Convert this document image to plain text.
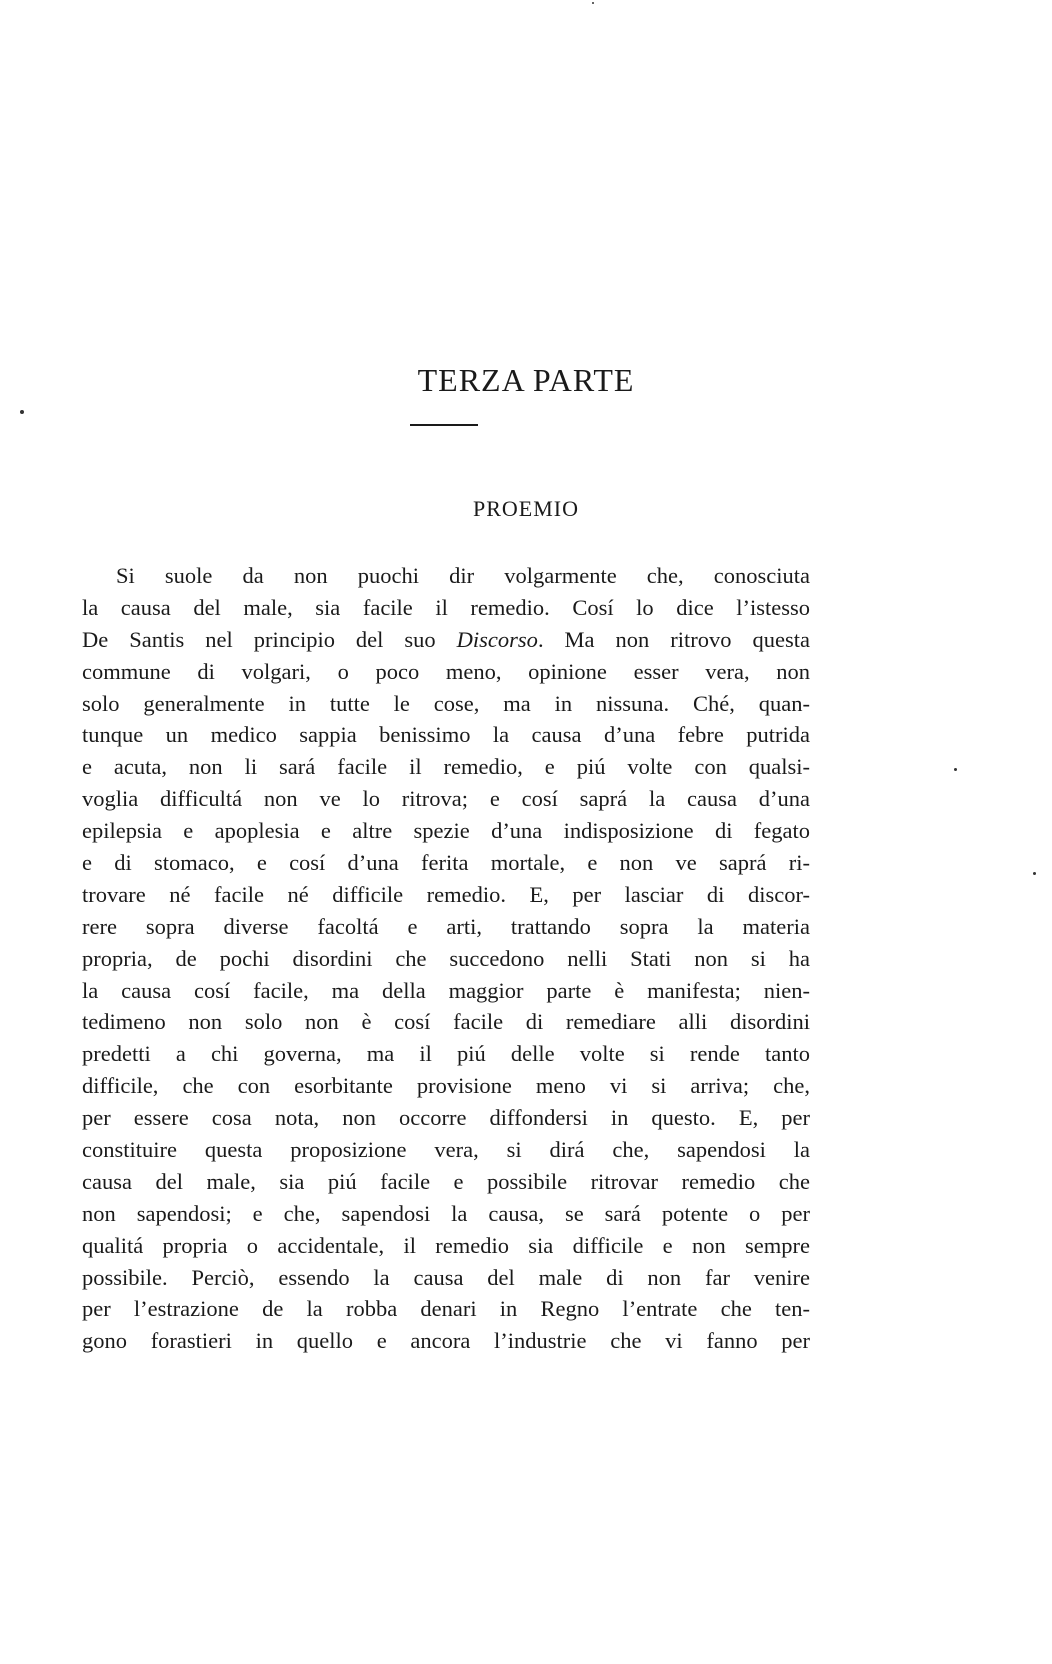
TERZA PARTE
PROEMIO
Si suole da non puochi dir volgarmente che, conosciuta
la causa del male, sia facile il remedio. Cosí lo dice l’istesso
De Santis nel principio del suo Discorso. Ma non ritrovo questa
commune di volgari, o poco meno, opinione esser vera, non
solo generalmente in tutte le cose, ma in nissuna. Ché, quan-
tunque un medico sappia benissimo la causa d’una febre putrida
e acuta, non li sará facile il remedio, e piú volte con qualsi-
voglia difficultá non ve lo ritrova; e cosí saprá la causa d’una
epilepsia e apoplesia e altre spezie d’una indisposizione di fegato
e di stomaco, e cosí d’una ferita mortale, e non ve saprá ri-
trovare né facile né difficile remedio. E, per lasciar di discor-
rere sopra diverse facoltá e arti, trattando sopra la materia
propria, de pochi disordini che succedono nelli Stati non si ha
la causa cosí facile, ma della maggior parte è manifesta; nien-
tedimeno non solo non è cosí facile di remediare alli disordini
predetti a chi governa, ma il piú delle volte si rende tanto
difficile, che con esorbitante provisione meno vi si arriva; che,
per essere cosa nota, non occorre diffondersi in questo. E, per
constituire questa proposizione vera, si dirá che, sapendosi la
causa del male, sia piú facile e possibile ritrovar remedio che
non sapendosi; e che, sapendosi la causa, se sará potente o per
qualitá propria o accidentale, il remedio sia difficile e non sempre
possibile. Perciò, essendo la causa del male di non far venire
per l’estrazione de la robba denari in Regno l’entrate che ten-
gono forastieri in quello e ancora l’industrie che vi fanno per
